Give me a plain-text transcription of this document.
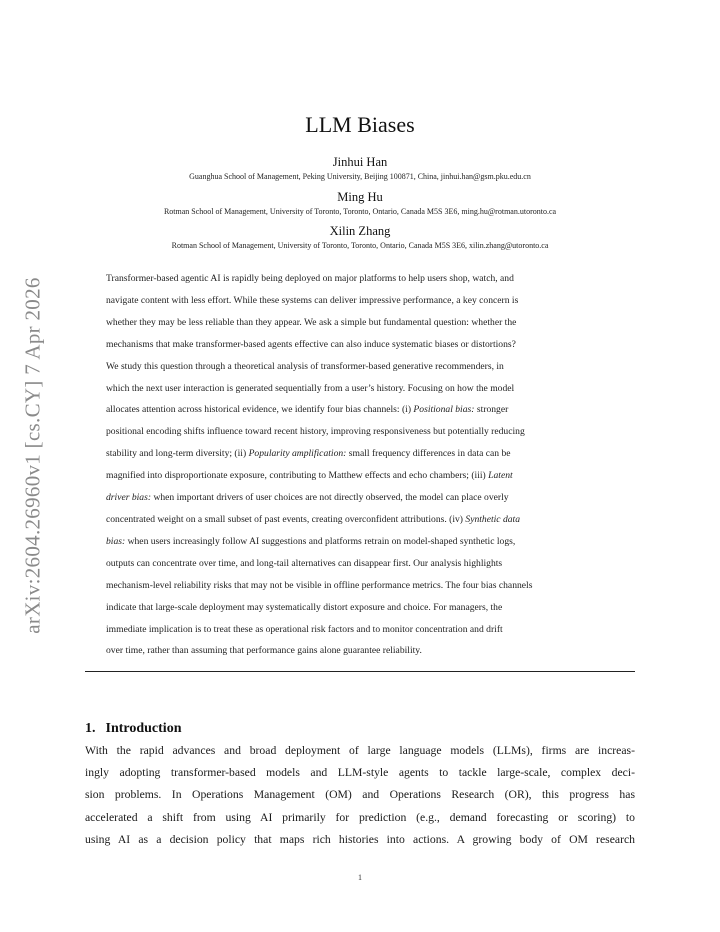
arXiv:2604.26960v1 [cs.CY] 7 Apr 2026
LLM Biases
Jinhui Han
Guanghua School of Management, Peking University, Beijing 100871, China, jinhui.han@gsm.pku.edu.cn
Ming Hu
Rotman School of Management, University of Toronto, Toronto, Ontario, Canada M5S 3E6, ming.hu@rotman.utoronto.ca
Xilin Zhang
Rotman School of Management, University of Toronto, Toronto, Ontario, Canada M5S 3E6, xilin.zhang@utoronto.ca

Transformer-based agentic AI is rapidly being deployed on major platforms to help users shop, watch, and

navigate content with less effort. While these systems can deliver impressive performance, a key concern is

whether they may be less reliable than they appear. We ask a simple but fundamental question: whether the

mechanisms that make transformer-based agents effective can also induce systematic biases or distortions?

We study this question through a theoretical analysis of transformer-based generative recommenders, in

which the next user interaction is generated sequentially from a user’s history. Focusing on how the model

allocates attention across historical evidence, we identify four bias channels: (i) Positional bias: stronger

positional encoding shifts influence toward recent history, improving responsiveness but potentially reducing

stability and long-term diversity; (ii) Popularity amplification: small frequency differences in data can be

magnified into disproportionate exposure, contributing to Matthew effects and echo chambers; (iii) Latent

driver bias: when important drivers of user choices are not directly observed, the model can place overly

concentrated weight on a small subset of past events, creating overconfident attributions. (iv) Synthetic data

bias: when users increasingly follow AI suggestions and platforms retrain on model-shaped synthetic logs,

outputs can concentrate over time, and long-tail alternatives can disappear first. Our analysis highlights

mechanism-level reliability risks that may not be visible in offline performance metrics. The four bias channels

indicate that large-scale deployment may systematically distort exposure and choice. For managers, the

immediate implication is to treat these as operational risk factors and to monitor concentration and drift

over time, rather than assuming that performance gains alone guarantee reliability.

1. Introduction

With the rapid advances and broad deployment of large language models (LLMs), firms are increas-

ingly adopting transformer-based models and LLM-style agents to tackle large-scale, complex deci-

sion problems. In Operations Management (OM) and Operations Research (OR), this progress has

accelerated a shift from using AI primarily for prediction (e.g., demand forecasting or scoring) to

using AI as a decision policy that maps rich histories into actions. A growing body of OM research

1
